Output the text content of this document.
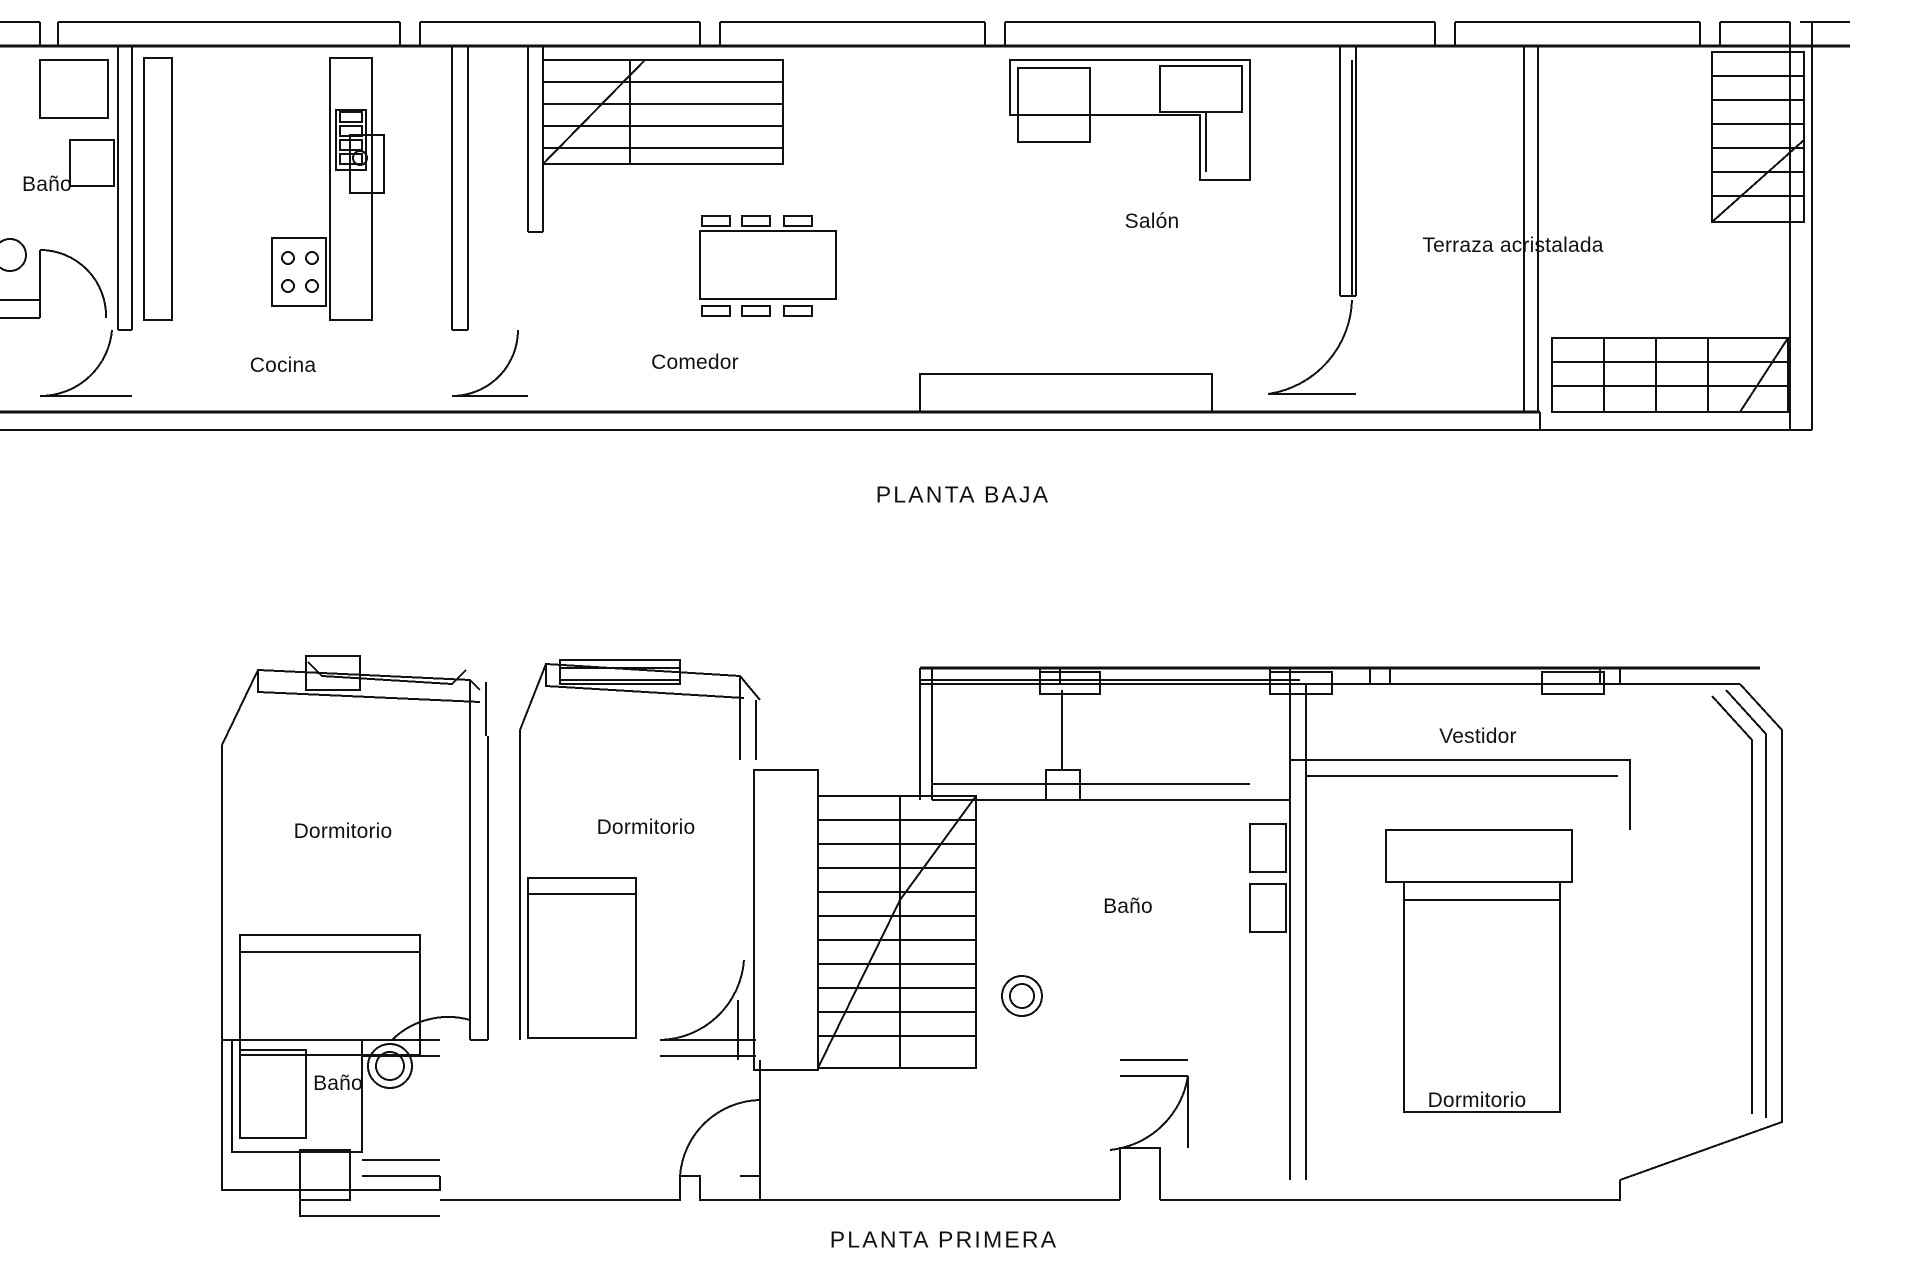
Baño
Cocina	Comedor
Salón
Terraza acristalada
PLANTA BAJA
Dormitorio	Dormitorio
Baño
Vestidor
Dormitorio
Baño
PLANTA PRIMERA
